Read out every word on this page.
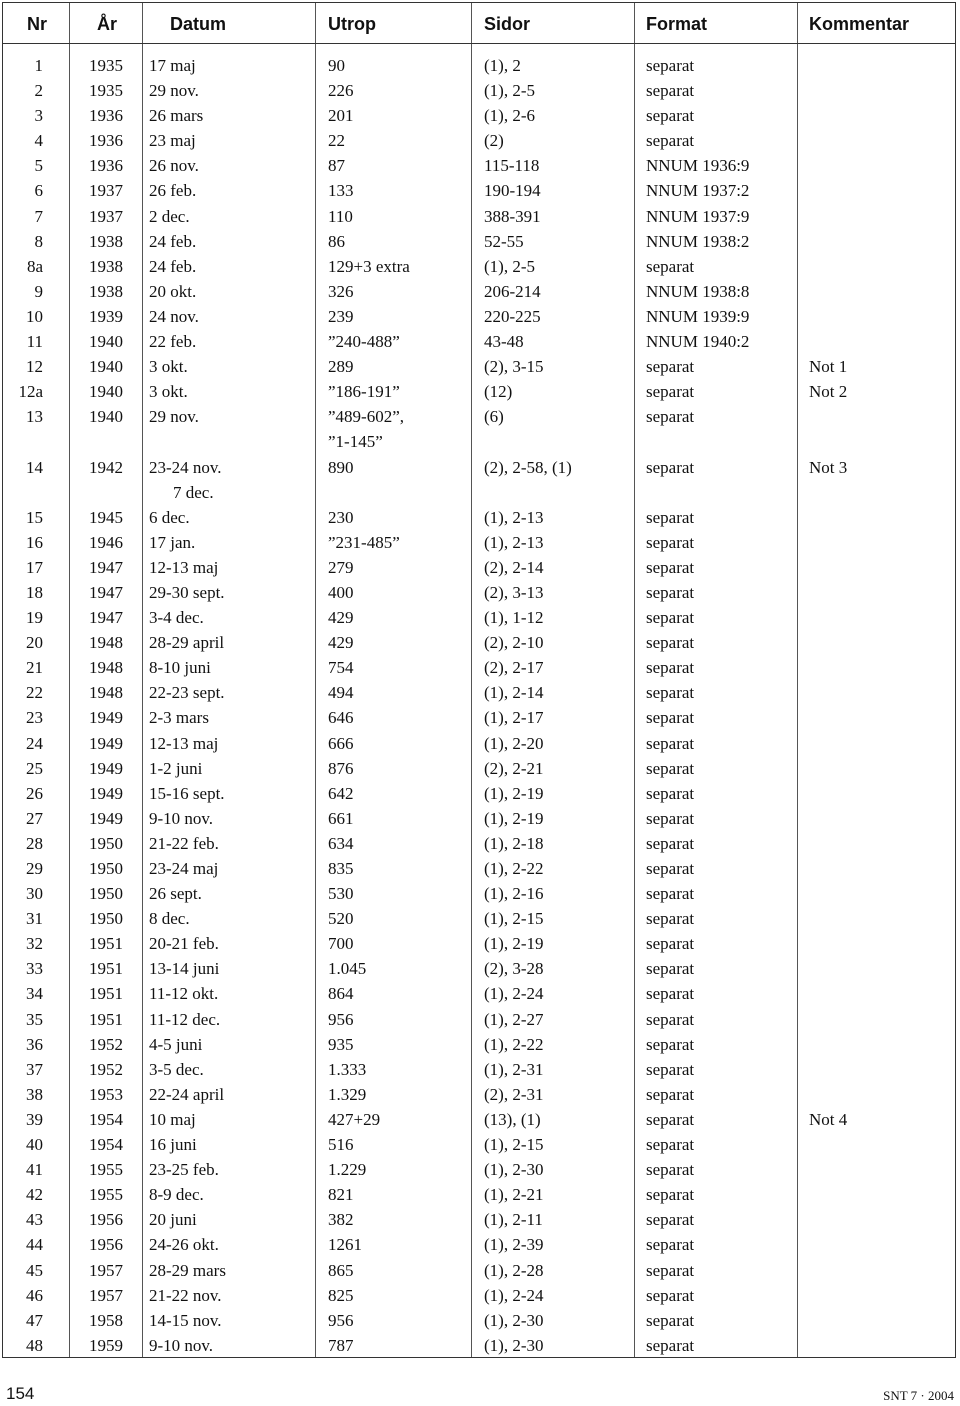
Nr	År	Datum	Utrop	Sidor	Format	Kommentar
1	1935 17 maj	90	(1), 2	separat
2	1935 29 nov.	226	(1), 2-5	separat
3	1936 26 mars	201	(1), 2-6	separat
4	1936 23 maj	22	(2)	separat
5	1936 26 nov.	87	115-118	NNUM 1936:9
6	1937 26 feb.	133	190-194	NNUM 1937:2
7	1937 2 dec.	110	388-391	NNUM 1937:9
8	1938 24 feb.	86	52-55	NNUM 1938:2
8a	1938 24 feb.	129+3 extra	(1), 2-5	separat
9	1938 20 okt.	326	206-214	NNUM 1938:8
10	1939 24 nov.	239	220-225	NNUM 1939:9
11	1940 22 feb.	”240-488”	43-48	NNUM 1940:2
12	1940 3 okt.	289	(2), 3-15	separat	Not 1
12a	1940 3 okt.	”186-191”	(12)	separat	Not 2
13	1940 29 nov.	”489-602”,	(6)	separat
”1-145”
14	1942 23-24 nov.	890	(2), 2-58, (1)	separat	Not 3
7 dec.
15	1945 6 dec.	230	(1), 2-13	separat
16	1946 17 jan.	”231-485”	(1), 2-13	separat
17	1947 12-13 maj	279	(2), 2-14	separat
18	1947 29-30 sept.	400	(2), 3-13	separat
19	1947 3-4 dec.	429	(1), 1-12	separat
20	1948 28-29 april	429	(2), 2-10	separat
21	1948 8-10 juni	754	(2), 2-17	separat
22	1948 22-23 sept.	494	(1), 2-14	separat
23	1949 2-3 mars	646	(1), 2-17	separat
24	1949 12-13 maj	666	(1), 2-20	separat
25	1949 1-2 juni	876	(2), 2-21	separat
26	1949 15-16 sept.	642	(1), 2-19	separat
27	1949 9-10 nov.	661	(1), 2-19	separat
28	1950 21-22 feb.	634	(1), 2-18	separat
29	1950 23-24 maj	835	(1), 2-22	separat
30	1950 26 sept.	530	(1), 2-16	separat
31	1950 8 dec.	520	(1), 2-15	separat
32	1951 20-21 feb.	700	(1), 2-19	separat
33	1951 13-14 juni	1.045	(2), 3-28	separat
34	1951 11-12 okt.	864	(1), 2-24	separat
35	1951 11-12 dec.	956	(1), 2-27	separat
36	1952 4-5 juni	935	(1), 2-22	separat
37	1952 3-5 dec.	1.333	(1), 2-31	separat
38	1953 22-24 april	1.329	(2), 2-31	separat
39	1954 10 maj	427+29	(13), (1)	separat	Not 4
40	1954 16 juni	516	(1), 2-15	separat
41	1955 23-25 feb.	1.229	(1), 2-30	separat
42	1955 8-9 dec.	821	(1), 2-21	separat
43	1956 20 juni	382	(1), 2-11	separat
44	1956 24-26 okt.	1261	(1), 2-39	separat
45	1957 28-29 mars	865	(1), 2-28	separat
46	1957 21-22 nov.	825	(1), 2-24	separat
47	1958 14-15 nov.	956	(1), 2-30	separat
48	1959 9-10 nov.	787	(1), 2-30	separat
154	SNT 7 · 2004
